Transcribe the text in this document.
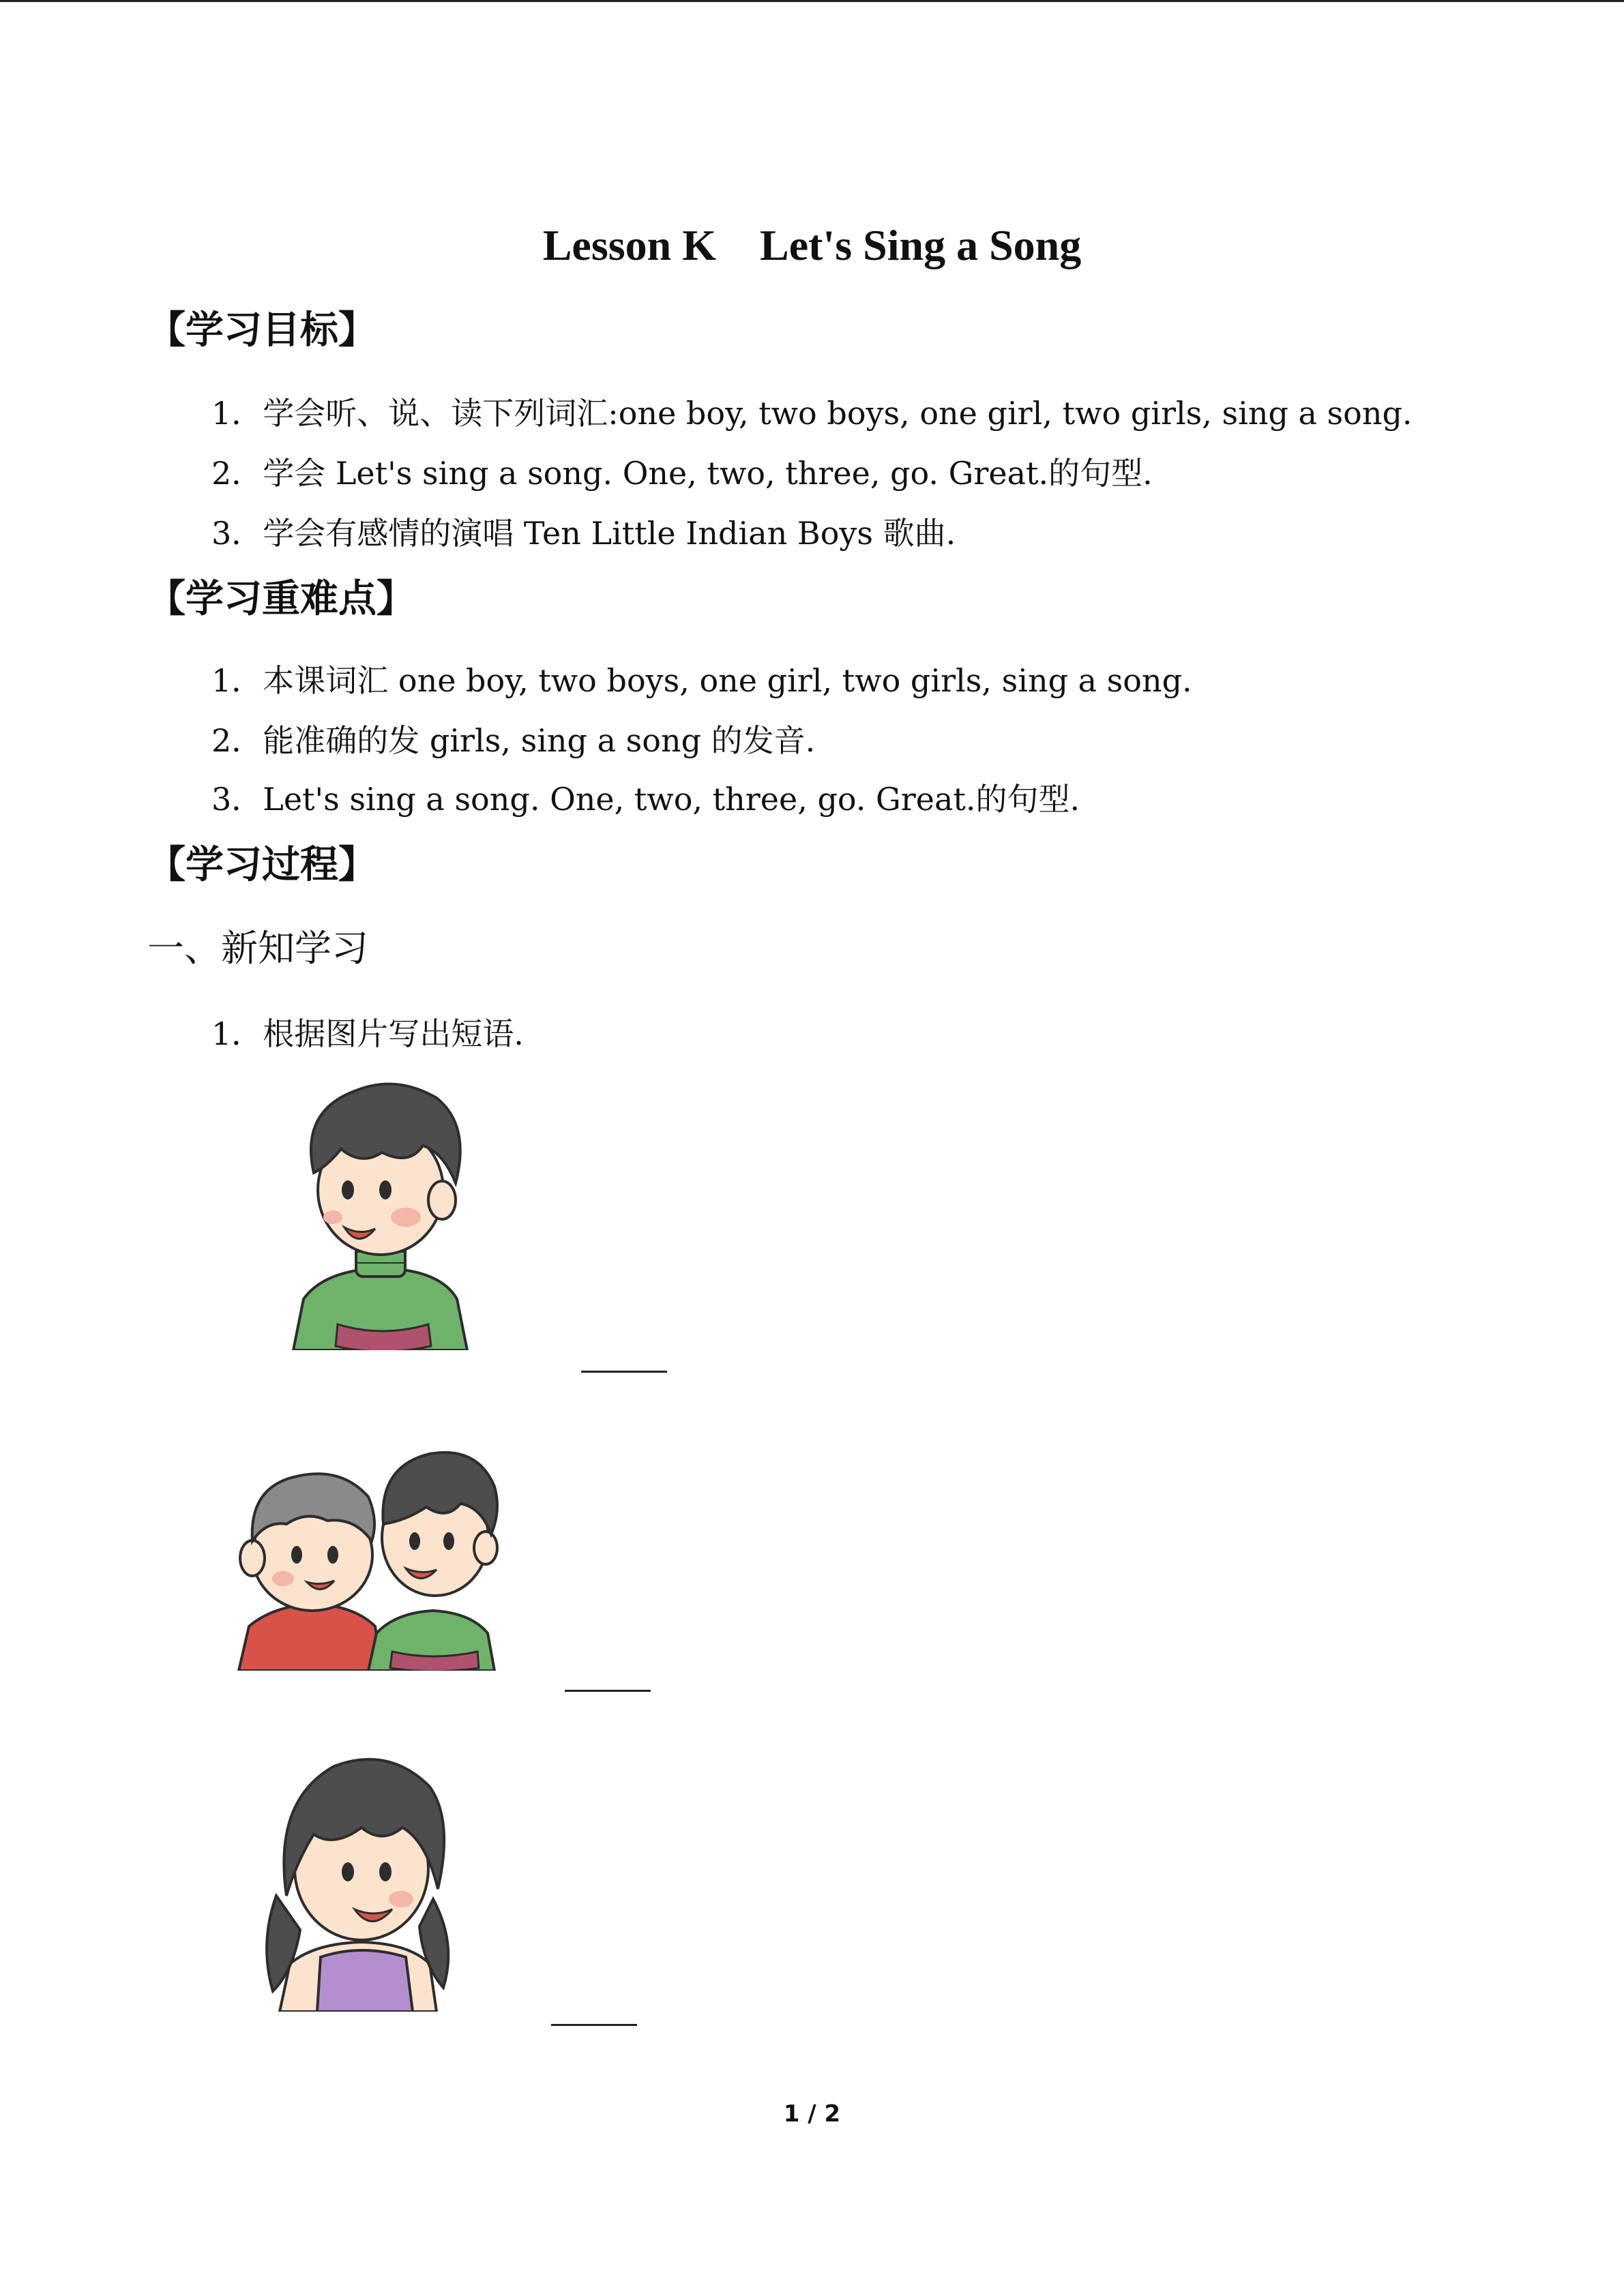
Lesson K　Let's Sing a Song
【学习目标】
1．学会听、说、读下列词汇:one boy, two boys, one girl, two girls, sing a song.
2．学会 Let's sing a song. One, two, three, go. Great.的句型.
3．学会有感情的演唱 Ten Little Indian Boys 歌曲.
【学习重难点】
1．本课词汇 one boy, two boys, one girl, two girls, sing a song.
2．能准确的发 girls, sing a song 的发音.
3．Let's sing a song. One, two, three, go. Great.的句型.
【学习过程】
一、新知学习
1．根据图片写出短语.
1 / 2
